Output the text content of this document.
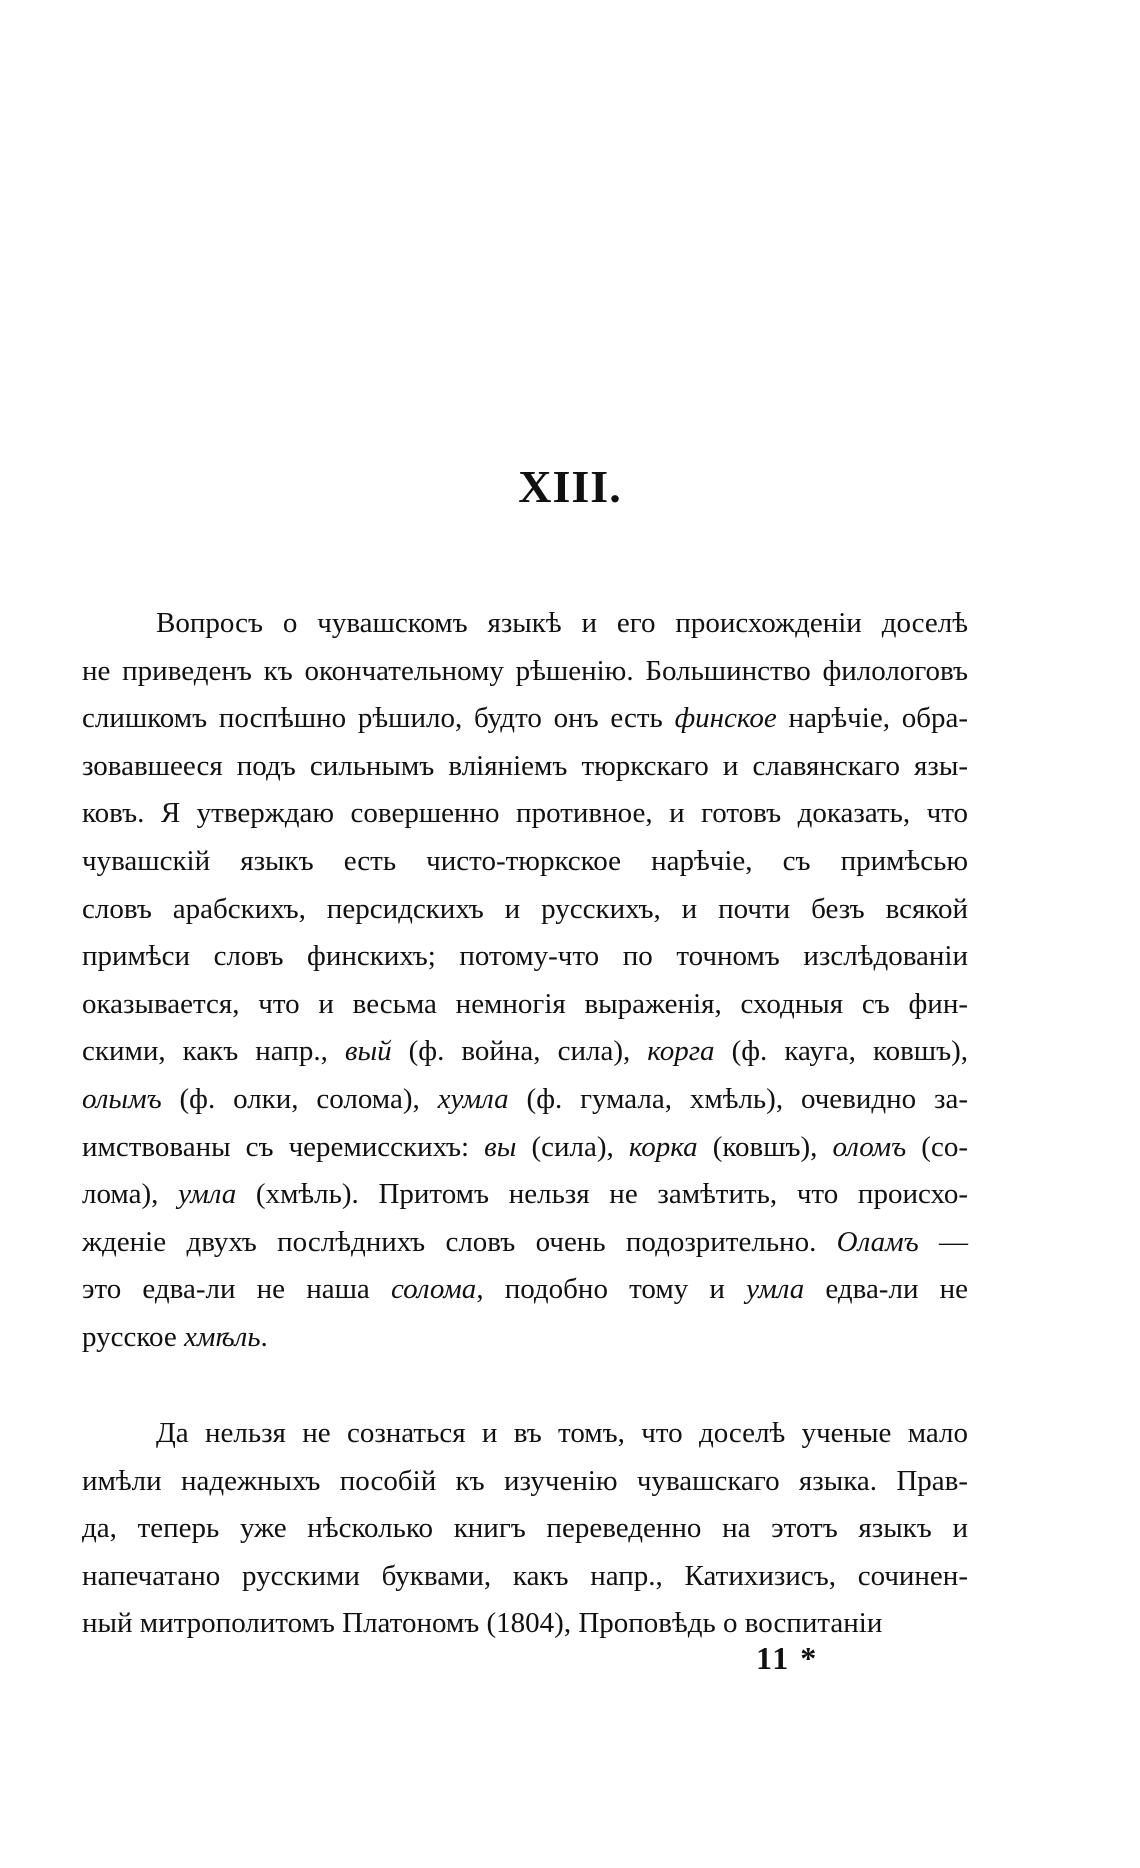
XIII.
Вопросъ о чувашскомъ языкѣ и его происхожденіи доселѣ
не приведенъ къ окончательному рѣшенію. Большинство филологовъ
слишкомъ поспѣшно рѣшило, будто онъ есть финское нарѣчіе, обра-
зовавшееся подъ сильнымъ вліяніемъ тюркскаго и славянскаго язы-
ковъ. Я утверждаю совершенно противное, и готовъ доказать, что
чувашскій языкъ есть чисто-тюркское нарѣчіе, съ примѣсью
словъ арабскихъ, персидскихъ и русскихъ, и почти безъ всякой
примѣси словъ финскихъ; потому-что по точномъ изслѣдованіи
оказывается, что и весьма немногія выраженія, сходныя съ фин-
скими, какъ напр., вый (ф. война, сила), корга (ф. кауга, ковшъ),
олымъ (ф. олки, солома), хумла (ф. гумала, хмѣль), очевидно за-
имствованы съ черемисскихъ: вы (сила), корка (ковшъ), оломъ (со-
лома), умла (хмѣль). Притомъ нельзя не замѣтить, что происхо-
жденіе двухъ послѣднихъ словъ очень подозрительно. Оламъ —
это едва-ли не наша солома, подобно тому и умла едва-ли не
русское хмѣль.
Да нельзя не сознаться и въ томъ, что доселѣ ученые мало
имѣли надежныхъ пособій къ изученію чувашскаго языка. Прав-
да, теперь уже нѣсколько книгъ переведенно на этотъ языкъ и
напечатано русскими буквами, какъ напр., Катихизисъ, сочинен-
ный митрополитомъ Платономъ (1804), Проповѣдь о воспитаніи
11 *
